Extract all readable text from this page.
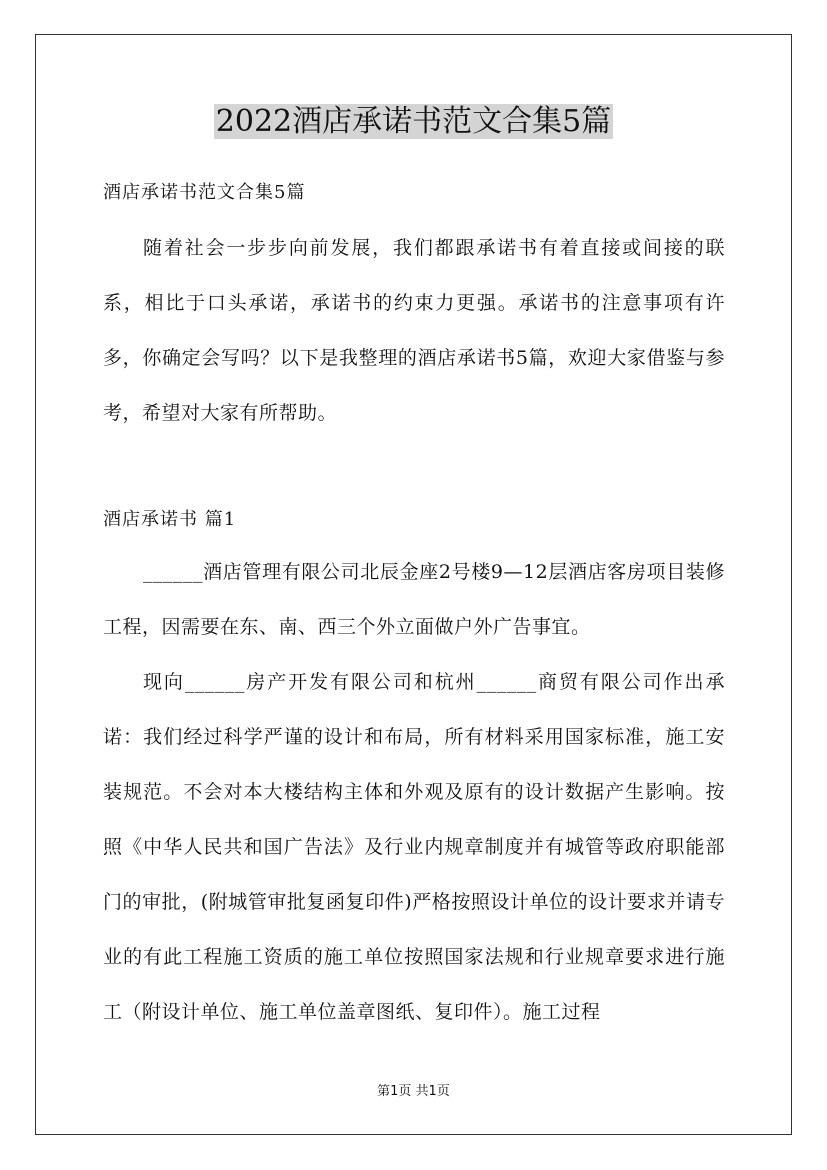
2022酒店承诺书范文合集5篇

酒店承诺书范文合集5篇

随着社会一步步向前发展，我们都跟承诺书有着直接或间接的联系，相比于口头承诺，承诺书的约束力更强。承诺书的注意事项有许多，你确定会写吗？以下是我整理的酒店承诺书5篇，欢迎大家借鉴与参考，希望对大家有所帮助。

酒店承诺书 篇1

______酒店管理有限公司北辰金座2号楼9—12层酒店客房项目装修工程，因需要在东、南、西三个外立面做户外广告事宜。

现向______房产开发有限公司和杭州______商贸有限公司作出承诺：我们经过科学严谨的设计和布局，所有材料采用国家标准，施工安装规范。不会对本大楼结构主体和外观及原有的设计数据产生影响。按照《中华人民共和国广告法》及行业内规章制度并有城管等政府职能部门的审批，(附城管审批复函复印件)严格按照设计单位的设计要求并请专业的有此工程施工资质的施工单位按照国家法规和行业规章要求进行施工（附设计单位、施工单位盖章图纸、复印件）。施工过程

第1页 共1页
